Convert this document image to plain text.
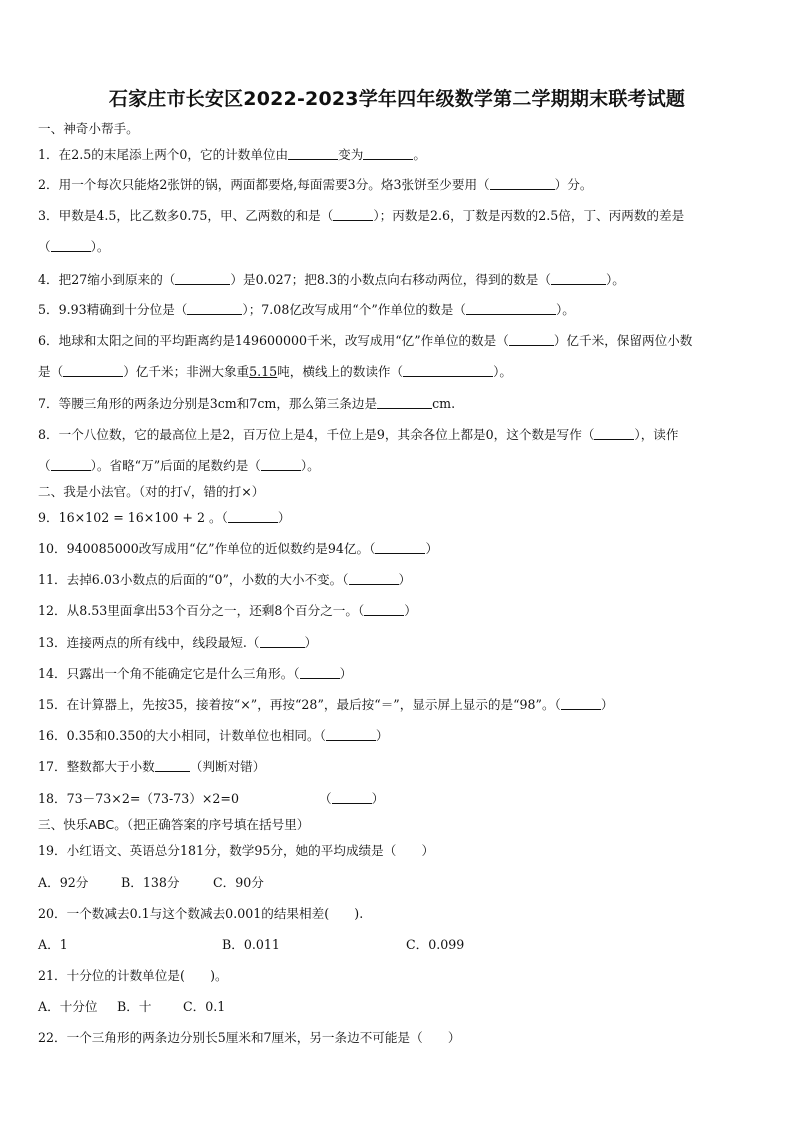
石家庄市长安区2022-2023学年四年级数学第二学期期末联考试题
一、神奇小帮手。
1．在2.5的末尾添上两个0，它的计数单位由	变为	。
2．用一个每次只能烙2张饼的锅，两面都要烙,每面需要3分。烙3张饼至少要用（	）分。
3．甲数是4.5，比乙数多0.75，甲、乙两数的和是（	）；丙数是2.6，丁数是丙数的2.5倍，丁、丙两数的差是
（	）。
4．把27缩小到原来的（	）是0.027；把8.3的小数点向右移动两位，得到的数是（	）。
5．9.93精确到十分位是（	）；7.08亿改写成用“个”作单位的数是（	）。
6．地球和太阳之间的平均距离约是149600000千米，改写成用“亿”作单位的数是（	）亿千米，保留两位小数
是（	）亿千米；非洲大象重5.15吨，横线上的数读作（	）。
7．等腰三角形的两条边分别是3cm和7cm，那么第三条边是	cm.
8．一个八位数，它的最高位上是2，百万位上是4，千位上是9，其余各位上都是0，这个数是写作（	），读作
（	）。省略“万”后面的尾数约是（	）。
二、我是小法官。（对的打√，错的打×）
9．16×102 = 16×100 + 2 。（	）
10．940085000改写成用“亿”作单位的近似数约是94亿。（	）
11．去掉6.03小数点的后面的“0”，小数的大小不变。（	）
12．从8.53里面拿出53个百分之一，还剩8个百分之一。（	）
13．连接两点的所有线中，线段最短.（	）
14．只露出一个角不能确定它是什么三角形。（	）
15．在计算器上，先按35，接着按“×”，再按“28”，最后按“＝”，显示屏上显示的是“98”。（	）
16．0.35和0.350的大小相同，计数单位也相同。（	）
17．整数都大于小数	（判断对错）
18．73－73×2=（73-73）×2=0	（	）
三、快乐ABC。（把正确答案的序号填在括号里）
19．小红语文、英语总分181分，数学95分，她的平均成绩是（　　）
A．92分	B．138分	C．90分
20．一个数减去0.1与这个数减去0.001的结果相差(　　).
A．1	B．0.011	C．0.099
21．十分位的计数单位是(　　)。
A．十分位 B．十	C．0.1
22．一个三角形的两条边分别长5厘米和7厘米，另一条边不可能是（　　）
